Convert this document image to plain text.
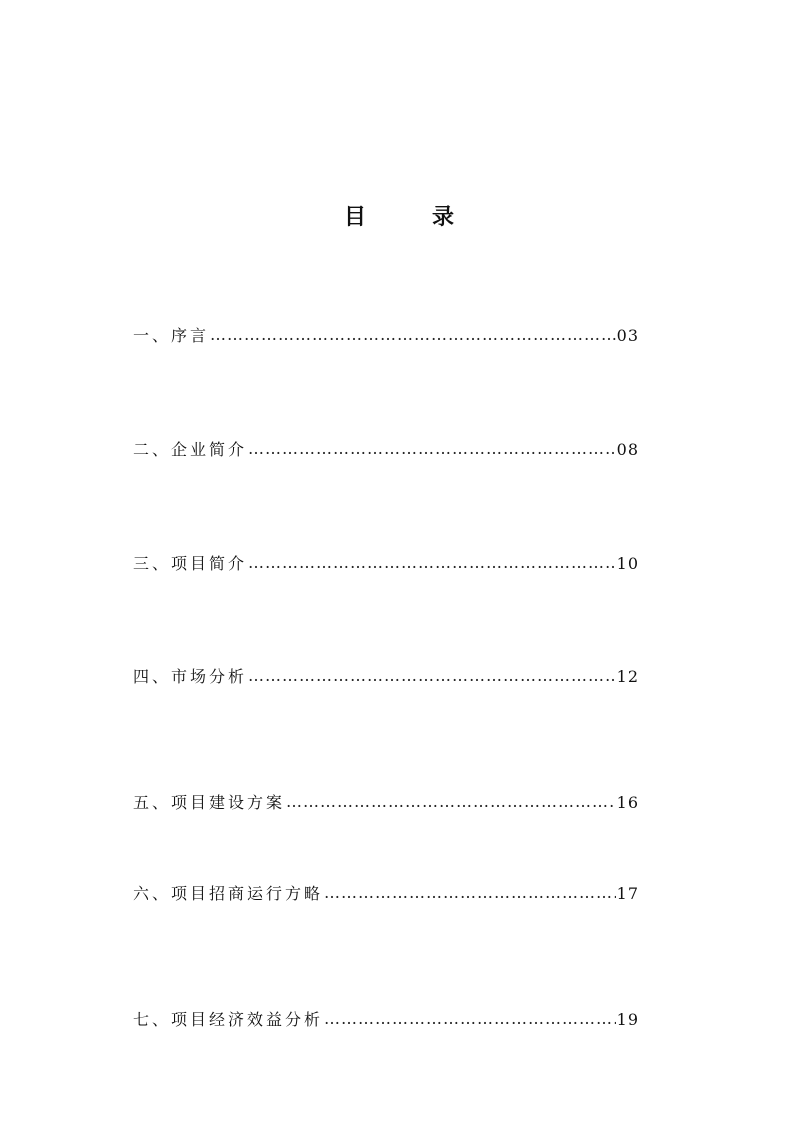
目	录
一、 序言 ……………………………………………………………………………………………………………………………………………………	03
二、 企业简介 ……………………………………………………………………………………………………………………………………………………	08
三、 项目简介 ……………………………………………………………………………………………………………………………………………………	10
四、 市场分析 ……………………………………………………………………………………………………………………………………………………	12
五、 项目建设方案 ……………………………………………………………………………………………………………………………………………………	16
六、 项目招商运行方略 ……………………………………………………………………………………………………………………………………………………	17
七、 项目经济效益分析 ……………………………………………………………………………………………………………………………………………………	19
